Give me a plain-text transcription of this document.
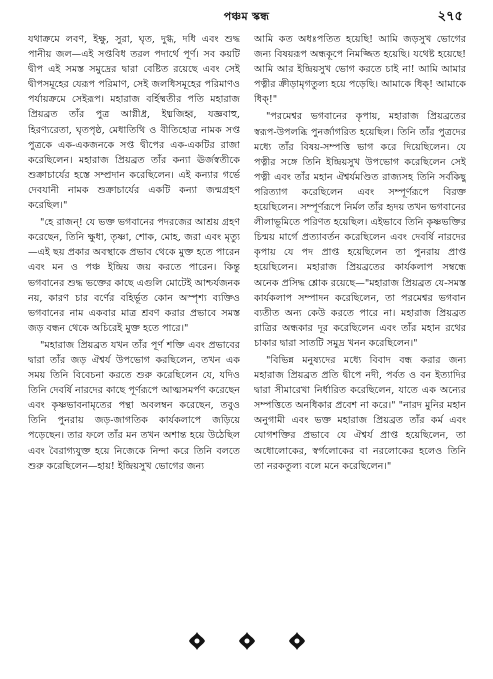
পঞ্চম স্কন্ধ	২৭৫

যথাক্রমে লবণ, ইক্ষু, সুরা, ঘৃত, দুগ্ধ, দধি এবং শুদ্ধ পানীয় জল—এই সপ্তবিধ তরল পদার্থে পূর্ণ। সব কয়টি দ্বীপ এই সমস্ত সমুদ্রের দ্বারা বেষ্টিত রয়েছে এবং সেই দ্বীপসমূহের যেরূপ পরিমাণ, সেই জলধিসমূহের পরিমাণও পর্যায়ক্রমে সেইরূপ। মহারাজ বর্হিষ্মতীর পতি মহারাজ প্রিয়ব্রত তাঁর পুত্র আগ্নীধ্র, ইধ্মজিহ্ব, যজ্ঞবাহু, হিরণ্যরেতা, ঘৃতপৃষ্ঠ, মেধাতিথি ও বীতিহোত্র নামক সপ্ত পুত্রকে এক-একজনকে সপ্ত দ্বীপের এক-একটির রাজা করেছিলেন। মহারাজ প্রিয়ব্রত তাঁর কন্যা ঊর্জস্বতীকে শুক্রাচার্যের হস্তে সম্প্রদান করেছিলেন। এই কন্যার গর্ভে দেবযানী নামক শুক্রাচার্যের একটি কন্যা জন্মগ্রহণ করেছিল।"

"হে রাজন্! যে ভক্ত ভগবানের পদরজের আশ্রয় গ্রহণ করেছেন, তিনি ক্ষুধা, তৃষ্ণা, শোক, মোহ, জরা এবং মৃত্যু—এই ছয় প্রকার অবস্থাকে প্রভাব থেকে মুক্ত হতে পারেন এবং মন ও পঞ্চ ইন্দ্রিয় জয় করতে পারেন। কিন্তু ভগবানের শুদ্ধ ভক্তের কাছে এগুলি মোটেই আশ্চর্যজনক নয়, কারণ চার বর্ণের বহির্ভূত কোন অস্পৃশ্য ব্যক্তিও ভগবানের নাম একবার মাত্র শ্রবণ করার প্রভাবে সমস্ত জড় বন্ধন থেকে অচিরেই মুক্ত হতে পারে।"

"মহারাজ প্রিয়ব্রত যখন তাঁর পূর্ণ শক্তি এবং প্রভাবের দ্বারা তাঁর জড় ঐশ্বর্য উপভোগ করছিলেন, তখন এক সময় তিনি বিবেচনা করতে শুরু করেছিলেন যে, যদিও তিনি দেবর্ষি নারদের কাছে পূর্ণরূপে আত্মসমর্পণ করেছেন এবং কৃষ্ণভাবনামৃতের পন্থা অবলম্বন করেছেন, তবুও তিনি পুনরায় জড়-জাগতিক কার্যকলাপে জড়িয়ে পড়েছেন। তার ফলে তাঁর মন তখন অশান্ত হয়ে উঠেছিল এবং বৈরাগ্যযুক্ত হয়ে নিজেকে নিন্দা করে তিনি বলতে শুরু করেছিলেন—হায়! ইন্দ্রিয়সুখ ভোগের জন্য

আমি কত অধঃপতিত হয়েছি! আমি জড়সুখ ভোগের জন্য বিষয়রূপ অন্ধকূপে নিমজ্জিত হয়েছি। যথেষ্ট হয়েছে! আমি আর ইন্দ্রিয়সুখ ভোগ করতে চাই না! আমি আমার পত্নীর ক্রীড়ামৃগতুল্য হয়ে পড়েছি। আমাকে ধিক্! আমাকে ধিক্!"

"পরমেশ্বর ভগবানের কৃপায়, মহারাজ প্রিয়ব্রতের স্বরূপ-উপলব্ধি পুনর্জাগরিত হয়েছিল। তিনি তাঁর পুত্রদের মধ্যে তাঁর বিষয়-সম্পত্তি ভাগ করে দিয়েছিলেন। যে পত্নীর সঙ্গে তিনি ইন্দ্রিয়সুখ উপভোগ করেছিলেন সেই পত্নী এবং তাঁর মহান ঐশ্বর্যমণ্ডিত রাজ্যসহ তিনি সর্বকিছু পরিত্যাগ করেছিলেন এবং সম্পূর্ণরূপে বিরক্ত হয়েছিলেন। সম্পূর্ণরূপে নির্মল তাঁর হৃদয় তখন ভগবানের লীলাভূমিতে পরিণত হয়েছিল। এইভাবে তিনি কৃষ্ণভক্তির চিন্ময় মার্গে প্রত্যাবর্তন করেছিলেন এবং দেবর্ষি নারদের কৃপায় যে পদ প্রাপ্ত হয়েছিলেন তা পুনরায় প্রাপ্ত হয়েছিলেন। মহারাজ প্রিয়ব্রতের কার্যকলাপ সম্বন্ধে অনেক প্রসিদ্ধ শ্লোক রয়েছে—"মহারাজ প্রিয়ব্রত যে-সমস্ত কার্যকলাপ সম্পাদন করেছিলেন, তা পরমেশ্বর ভগবান ব্যতীত অন্য কেউ করতে পারে না। মহারাজ প্রিয়ব্রত রাত্রির অন্ধকার দূর করেছিলেন এবং তাঁর মহান রথের চাকার দ্বারা সাতটি সমুদ্র খনন করেছিলেন।"

"বিভিন্ন মনুষ্যদের মধ্যে বিবাদ বন্ধ করার জন্য মহারাজ প্রিয়ব্রত প্রতি দ্বীপে নদী, পর্বত ও বন ইত্যাদির দ্বারা সীমারেখা নির্ধারিত করেছিলেন, যাতে এক অন্যের সম্পত্তিতে অনধিকার প্রবেশ না করে।" "নারদ মুনির মহান অনুগামী এবং ভক্ত মহারাজ প্রিয়ব্রত তাঁর কর্ম এবং যোগশক্তির প্রভাবে যে ঐশ্বর্য প্রাপ্ত হয়েছিলেন, তা অধোলোকের, স্বর্গলোকের বা নরলোকের হলেও তিনি তা নরকতুল্য বলে মনে করেছিলেন।"
